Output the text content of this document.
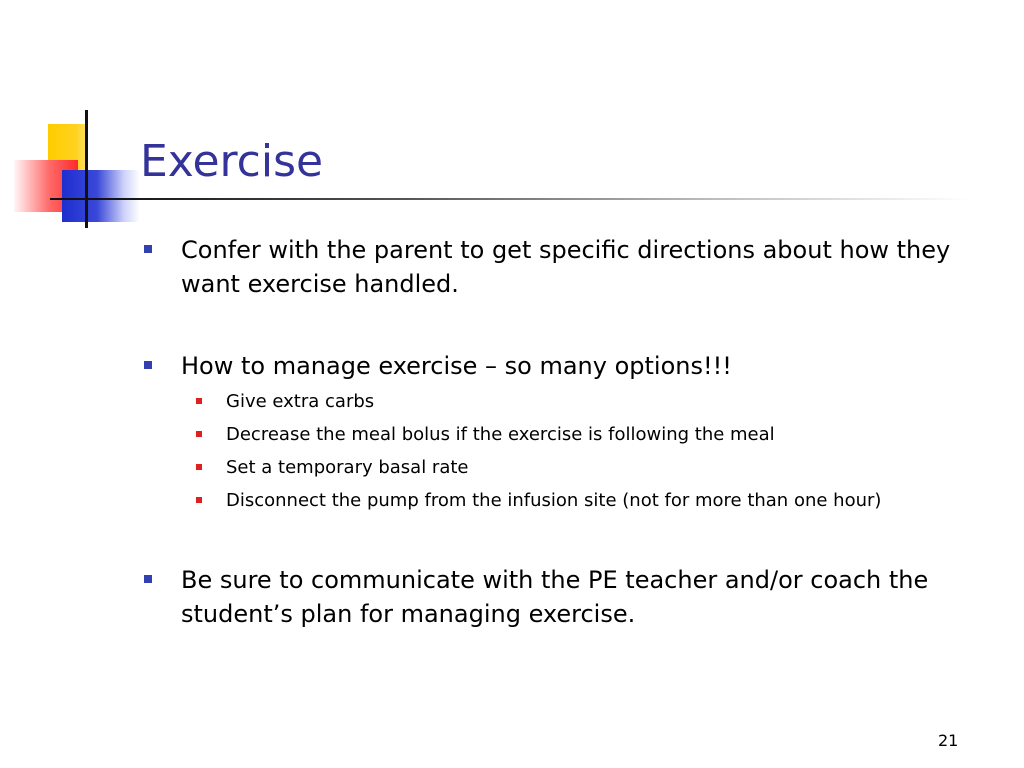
Exercise
Confer with the parent to get specific directions about how they want exercise handled.
How to manage exercise – so many options!!!
Give extra carbs
Decrease the meal bolus if the exercise is following the meal
Set a temporary basal rate
Disconnect the pump from the infusion site (not for more than one hour)
Be sure to communicate with the PE teacher and/or coach the student’s plan for managing exercise.
21
